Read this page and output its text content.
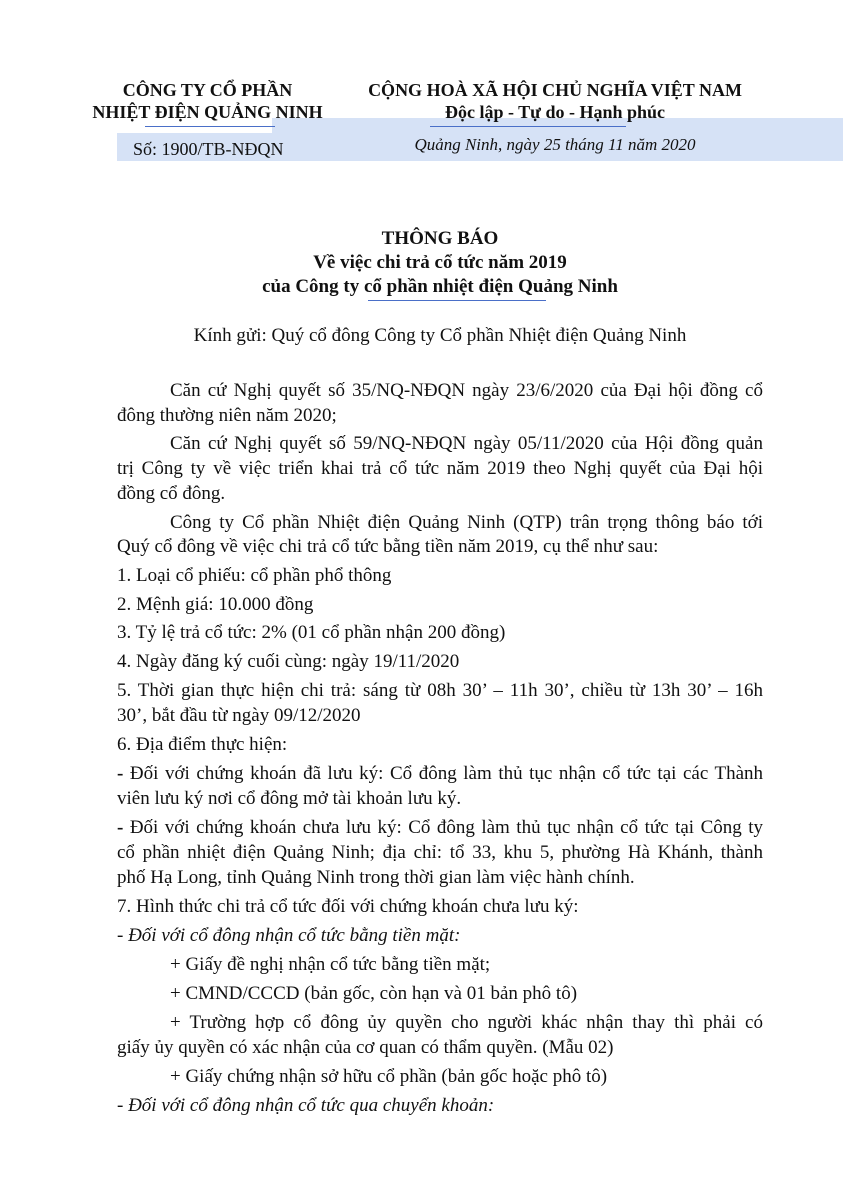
CÔNG TY CỔ PHẦN
NHIỆT ĐIỆN QUẢNG NINH
Số: 1900/TB-NĐQN
CỘNG HOÀ XÃ HỘI CHỦ NGHĨA VIỆT NAM
Độc lập - Tự do - Hạnh phúc
Quảng Ninh, ngày 25 tháng 11 năm 2020
THÔNG BÁO
Về việc chi trả cổ tức năm 2019
của Công ty cổ phần nhiệt điện Quảng Ninh
Kính gửi: Quý cổ đông Công ty Cổ phần Nhiệt điện Quảng Ninh
Căn cứ Nghị quyết số 35/NQ-NĐQN ngày 23/6/2020 của Đại hội đồng cổ
đông thường niên năm 2020;
Căn cứ Nghị quyết số 59/NQ-NĐQN ngày 05/11/2020 của Hội đồng quản
trị Công ty về việc triển khai trả cổ tức năm 2019 theo Nghị quyết của Đại hội
đồng cổ đông.
Công ty Cổ phần Nhiệt điện Quảng Ninh (QTP) trân trọng thông báo tới
Quý cổ đông về việc chi trả cổ tức bằng tiền năm 2019, cụ thể như sau:
1. Loại cổ phiếu: cổ phần phổ thông
2. Mệnh giá: 10.000 đồng
3. Tỷ lệ trả cổ tức: 2% (01 cổ phần nhận 200 đồng)
4. Ngày đăng ký cuối cùng: ngày 19/11/2020
5. Thời gian thực hiện chi trả: sáng từ 08h 30’ – 11h 30’, chiều từ 13h 30’ – 16h
30’, bắt đầu từ ngày 09/12/2020
6. Địa điểm thực hiện:
- Đối với chứng khoán đã lưu ký: Cổ đông làm thủ tục nhận cổ tức tại các Thành
viên lưu ký nơi cổ đông mở tài khoản lưu ký.
- Đối với chứng khoán chưa lưu ký: Cổ đông làm thủ tục nhận cổ tức tại Công ty
cổ phần nhiệt điện Quảng Ninh; địa chỉ: tổ 33, khu 5, phường Hà Khánh, thành
phố Hạ Long, tỉnh Quảng Ninh trong thời gian làm việc hành chính.
7. Hình thức chi trả cổ tức đối với chứng khoán chưa lưu ký:
- Đối với cổ đông nhận cổ tức bằng tiền mặt:
+ Giấy đề nghị nhận cổ tức bằng tiền mặt;
+ CMND/CCCD (bản gốc, còn hạn và 01 bản phô tô)
+ Trường hợp cổ đông ủy quyền cho người khác nhận thay thì phải có
giấy ủy quyền có xác nhận của cơ quan có thẩm quyền. (Mẫu 02)
+ Giấy chứng nhận sở hữu cổ phần (bản gốc hoặc phô tô)
- Đối với cổ đông nhận cổ tức qua chuyển khoản:
